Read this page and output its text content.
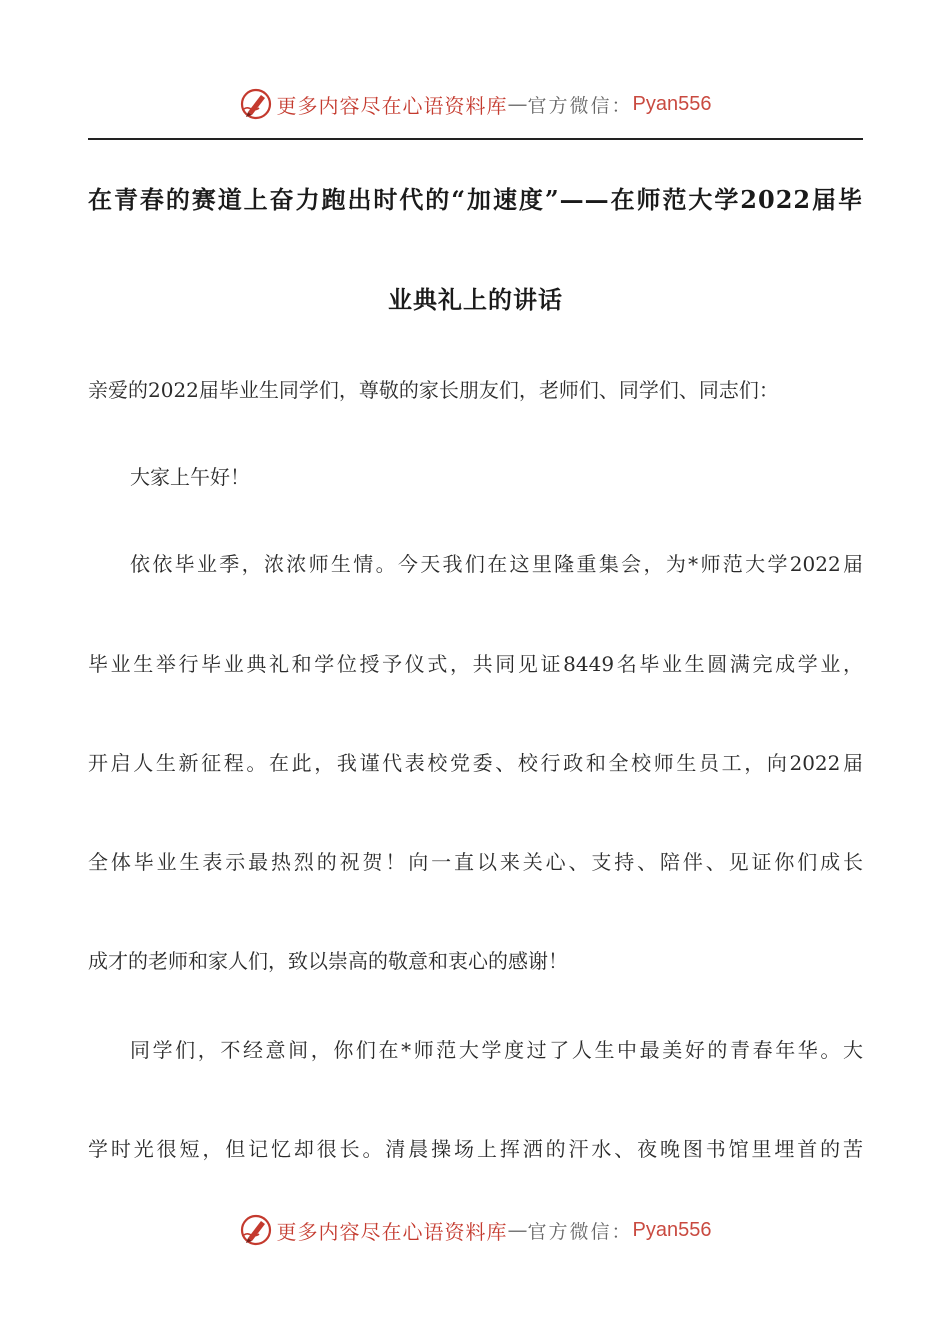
更多内容尽在心语资料库 — 官方微信： Pyan556
在青春的赛道上奋力跑出时代的“加速度”——在师范大学2022届毕
业典礼上的讲话

亲爱的2022届毕业生同学们，尊敬的家长朋友们，老师们、同学们、同志们：

大家上午好！

依依毕业季，浓浓师生情。今天我们在这里隆重集会，为*师范大学2022届

毕业生举行毕业典礼和学位授予仪式，共同见证8449名毕业生圆满完成学业，

开启人生新征程。在此，我谨代表校党委、校行政和全校师生员工，向2022届

全体毕业生表示最热烈的祝贺！向一直以来关心、支持、陪伴、见证你们成长

成才的老师和家人们，致以崇高的敬意和衷心的感谢！

同学们，不经意间，你们在*师范大学度过了人生中最美好的青春年华。大

学时光很短，但记忆却很长。清晨操场上挥洒的汗水、夜晚图书馆里埋首的苦

更多内容尽在心语资料库 — 官方微信： Pyan556
